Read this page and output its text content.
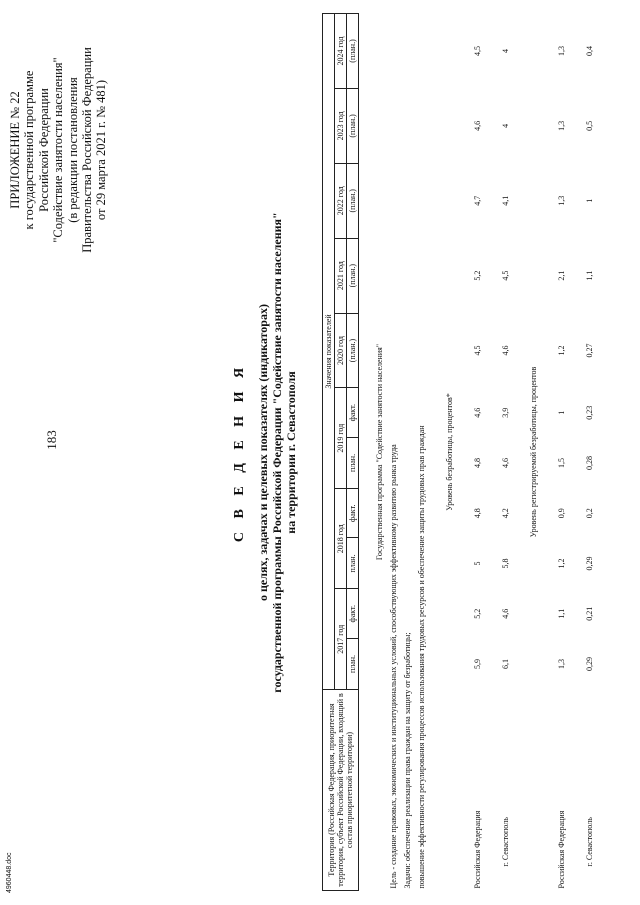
183
4960448.doc
ПРИЛОЖЕНИЕ № 22 к государственной программе Российской Федерации "Содействие занятости населения" (в редакции постановления Правительства Российской Федерации от 29 марта 2021 г. № 481)
С В Е Д Е Н И Я о целях, задачах и целевых показателях (индикаторах) государственной программы Российской Федерации "Содействие занятости населения" на территории г. Севастополя
Территория (Российская Федерация, приоритетная территория, субъект Российской Федерации, входящий в состав приоритетной территории)	Значения показателей										
	2017 год		2018 год		2019 год		2020 год	2021 год	2022 год	2023 год	2024 год
	план.	факт.	план.	факт.	план.	факт.	(план.)	(план.)	(план.)	(план.)	(план.)

Государственная программа "Содействие занятости населения"											
Цель - создание правовых, экономических и институциональных условий, способствующих эффективному развитию рынка труда											
Задачи: обеспечение реализации права граждан на защиту от безработицы;											
повышение эффективности регулирования процессов использования трудовых ресурсов и обеспечение защиты трудовых прав граждан											

Уровень безработицы, процентов*											

Российская Федерация	5,9	5,2	5	4,8	4,8	4,6	4,5	5,2	4,7	4,6	4,5

г. Севастополь	6,1	4,6	5,8	4,2	4,6	3,9	4,6	4,5	4,1	4	4

Уровень регистрируемой безработицы, процентов											

Российская Федерация	1,3	1,1	1,2	0,9	1,5	1	1,2	2,1	1,3	1,3	1,3

г. Севастополь	0,29	0,21	0,29	0,2	0,28	0,23	0,27	1,1	1	0,5	0,4
